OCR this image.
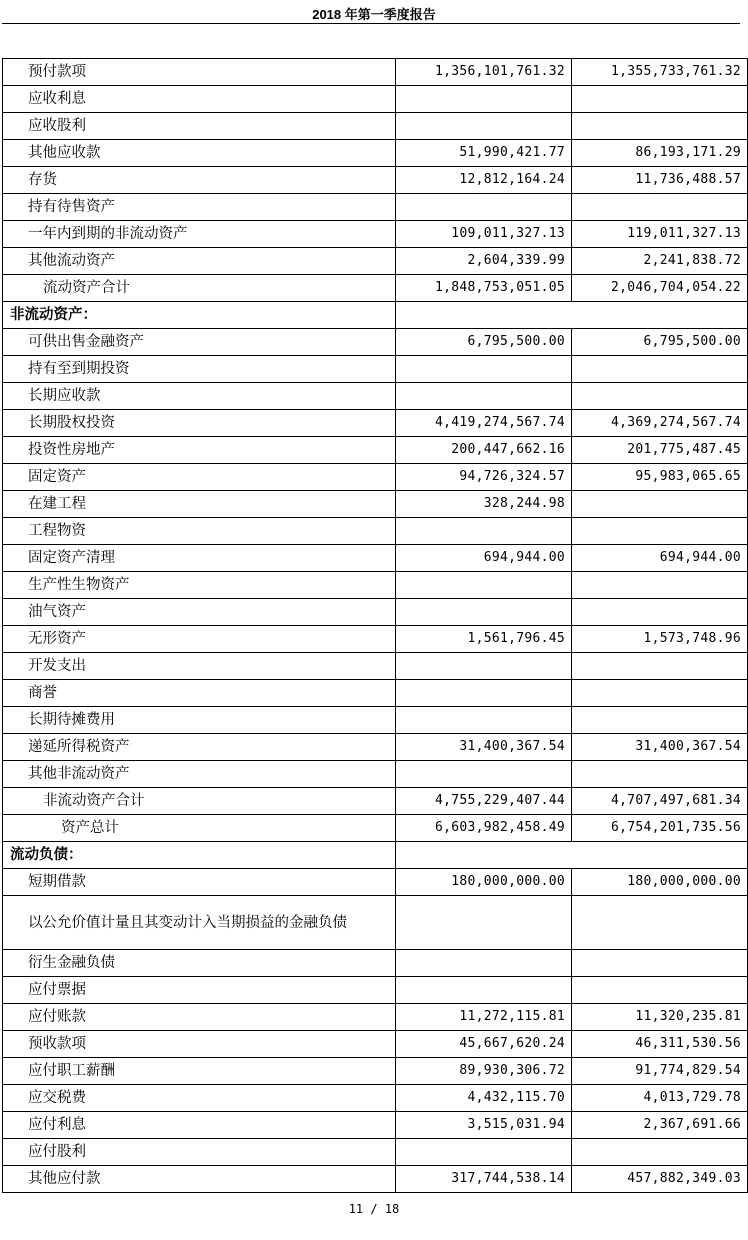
2018 年第一季度报告
预付款项	1,356,101,761.32	1,355,733,761.32
应收利息		
应收股利		
其他应收款	51,990,421.77	86,193,171.29
存货	12,812,164.24	11,736,488.57
持有待售资产		
一年内到期的非流动资产	109,011,327.13	119,011,327.13
其他流动资产	2,604,339.99	2,241,838.72
流动资产合计	1,848,753,051.05	2,046,704,054.22
非流动资产：		
可供出售金融资产	6,795,500.00	6,795,500.00
持有至到期投资		
长期应收款		
长期股权投资	4,419,274,567.74	4,369,274,567.74
投资性房地产	200,447,662.16	201,775,487.45
固定资产	94,726,324.57	95,983,065.65
在建工程	328,244.98	
工程物资		
固定资产清理	694,944.00	694,944.00
生产性生物资产		
油气资产		
无形资产	1,561,796.45	1,573,748.96
开发支出		
商誉		
长期待摊费用		
递延所得税资产	31,400,367.54	31,400,367.54
其他非流动资产		
非流动资产合计	4,755,229,407.44	4,707,497,681.34
资产总计	6,603,982,458.49	6,754,201,735.56
流动负债：		
短期借款	180,000,000.00	180,000,000.00
以公允价值计量且其变动计入当期损益的金融负债		
衍生金融负债		
应付票据		
应付账款	11,272,115.81	11,320,235.81
预收款项	45,667,620.24	46,311,530.56
应付职工薪酬	89,930,306.72	91,774,829.54
应交税费	4,432,115.70	4,013,729.78
应付利息	3,515,031.94	2,367,691.66
应付股利		
其他应付款	317,744,538.14	457,882,349.03
11 / 18
